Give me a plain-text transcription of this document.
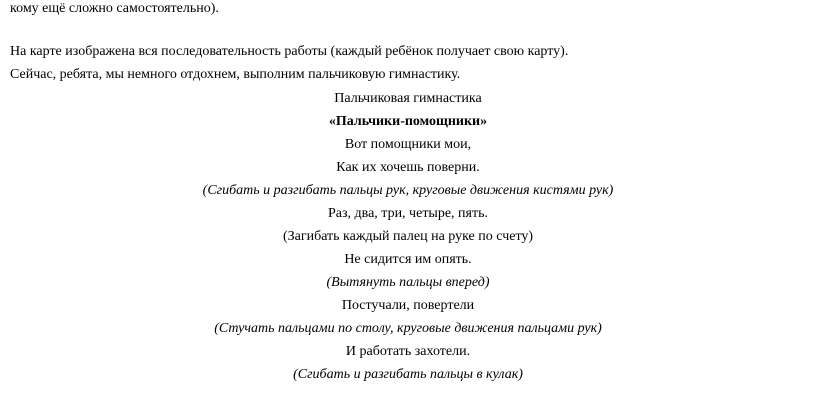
кому ещё сложно самостоятельно).
На карте изображена вся последовательность работы (каждый ребёнок получает свою карту).
Сейчас, ребята, мы немного отдохнем, выполним пальчиковую гимнастику.
Пальчиковая гимнастика
«Пальчики-помощники»
Вот помощники мои,
Как их хочешь поверни.
(Сгибать и разгибать пальцы рук, круговые движения кистями рук)
Раз, два, три, четыре, пять.
(Загибать каждый палец на руке по счету)
Не сидится им опять.
(Вытянуть пальцы вперед)
Постучали, повертели
(Стучать пальцами по столу, круговые движения пальцами рук)
И работать захотели.
(Сгибать и разгибать пальцы в кулак)
